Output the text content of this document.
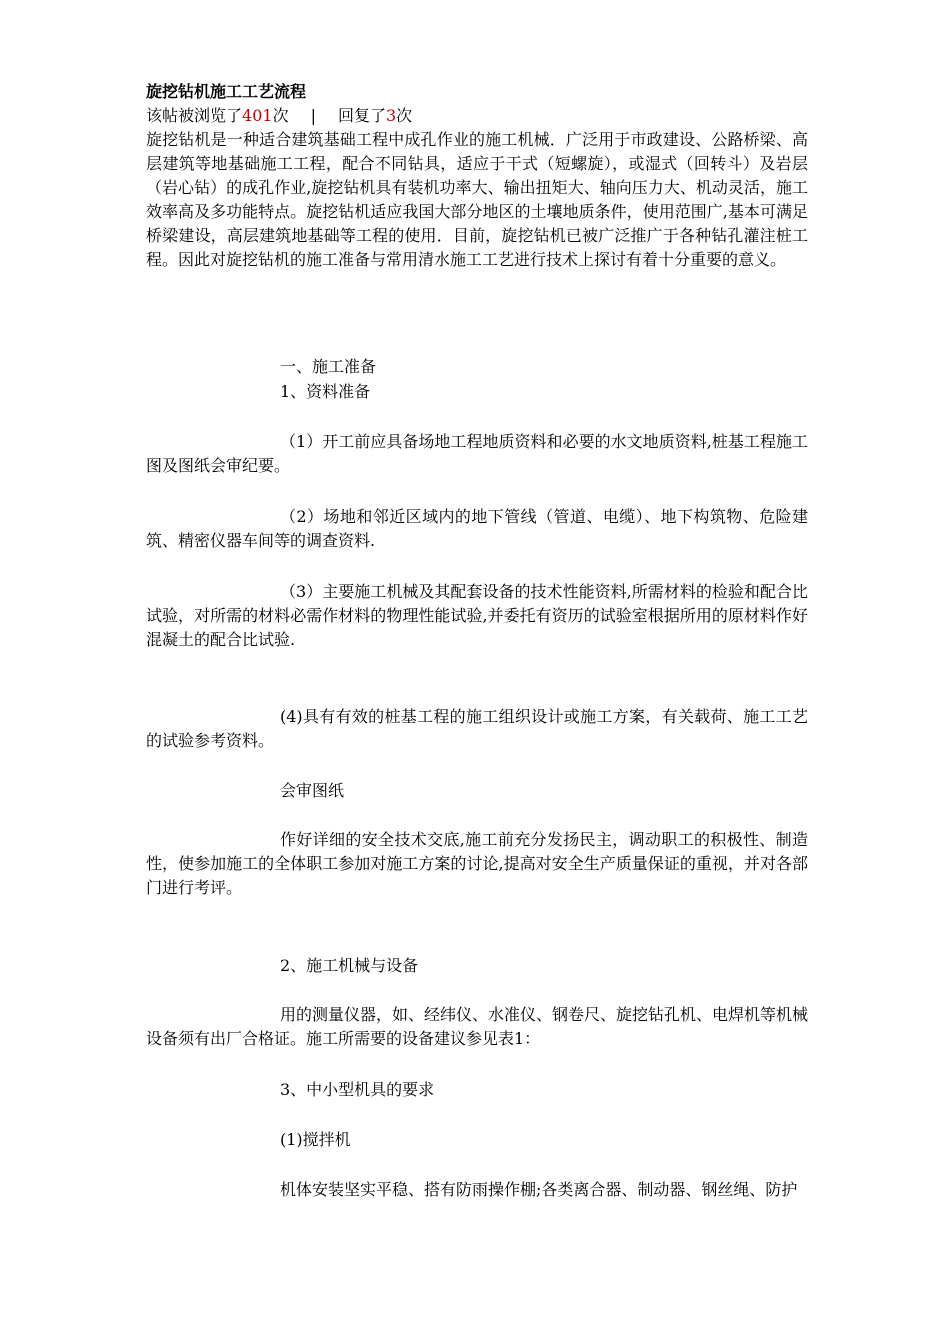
旋挖钻机施工工艺流程
该帖被浏览了401次 | 回复了3次
旋挖钻机是一种适合建筑基础工程中成孔作业的施工机械．广泛用于市政建设、公路桥梁、高层建筑等地基础施工工程，配合不同钻具，适应于干式（短螺旋），或湿式（回转斗）及岩层（岩心钻）的成孔作业,旋挖钻机具有装机功率大、输出扭矩大、轴向压力大、机动灵活，施工效率高及多功能特点。旋挖钻机适应我国大部分地区的土壤地质条件，使用范围广,基本可满足桥梁建设，高层建筑地基础等工程的使用．目前，旋挖钻机已被广泛推广于各种钻孔灌注桩工程。因此对旋挖钻机的施工准备与常用清水施工工艺进行技术上探讨有着十分重要的意义。
一、施工准备
1、资料准备
（1）开工前应具备场地工程地质资料和必要的水文地质资料,桩基工程施工图及图纸会审纪要。
（2）场地和邻近区域内的地下管线（管道、电缆）、地下构筑物、危险建筑、精密仪器车间等的调查资料.
（3）主要施工机械及其配套设备的技术性能资料,所需材料的检验和配合比试验，对所需的材料必需作材料的物理性能试验,并委托有资历的试验室根据所用的原材料作好混凝土的配合比试验.
(4)具有有效的桩基工程的施工组织设计或施工方案，有关载荷、施工工艺的试验参考资料。
会审图纸
作好详细的安全技术交底,施工前充分发扬民主，调动职工的积极性、制造性，使参加施工的全体职工参加对施工方案的讨论,提高对安全生产质量保证的重视，并对各部门进行考评。
2、施工机械与设备
用的测量仪器，如、经纬仪、水准仪、钢卷尺、旋挖钻孔机、电焊机等机械设备须有出厂合格证。施工所需要的设备建议参见表1：
3、中小型机具的要求
(1)搅拌机
机体安装坚实平稳、搭有防雨操作棚;各类离合器、制动器、钢丝绳、防护
